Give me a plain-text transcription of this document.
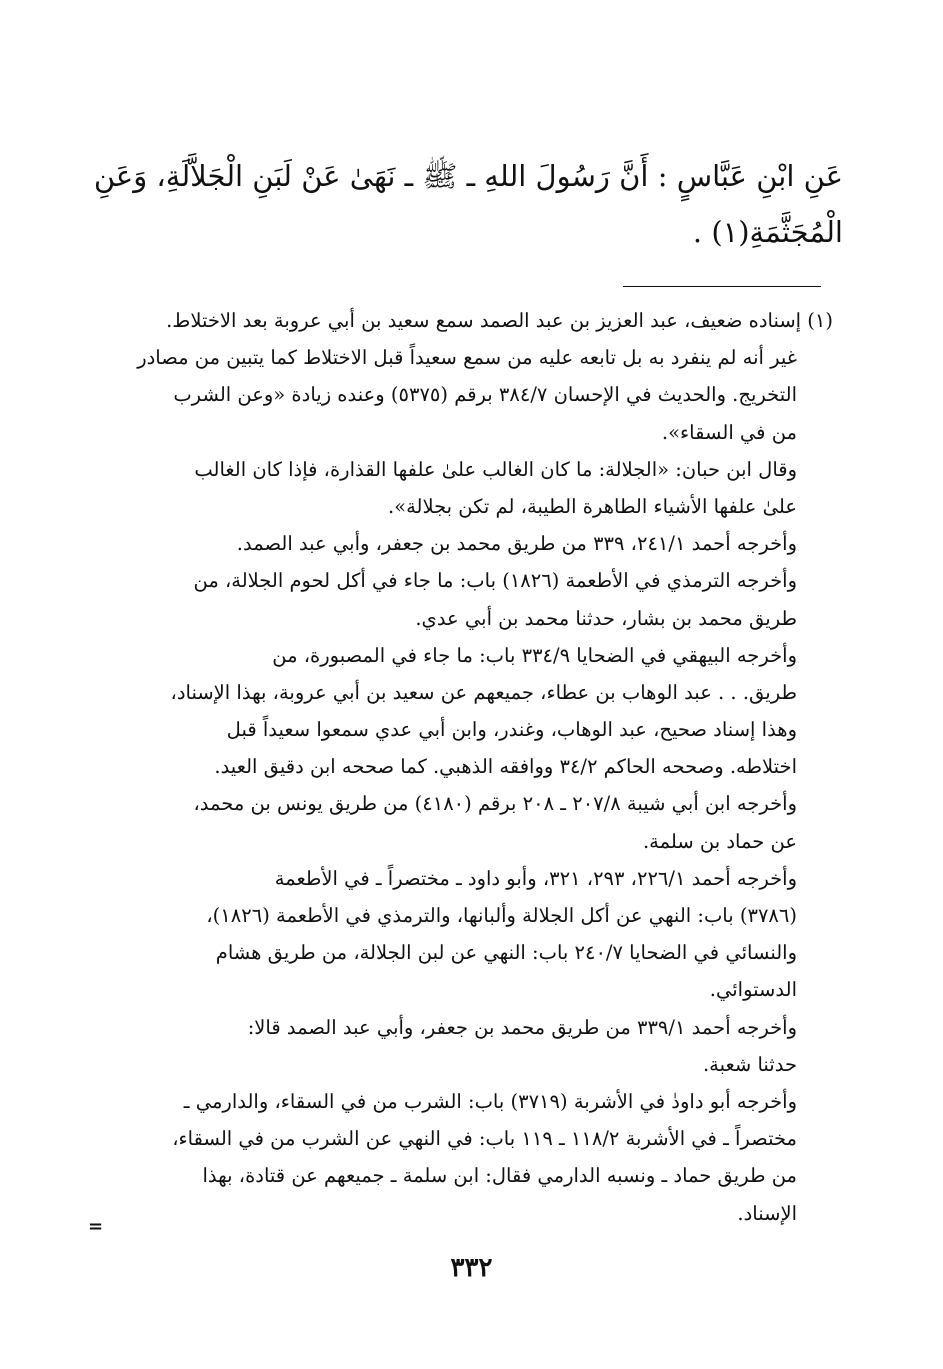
عَنِ ابْنِ عَبَّاسٍ : أَنَّ رَسُولَ اللهِ ـ ﷺ ـ نَهَىٰ عَنْ لَبَنِ الْجَلاَّلَةِ، وَعَنِ
الْمُجَثَّمَةِ(١) .
(١) إسناده ضعيف، عبد العزيز بن عبد الصمد سمع سعيد بن أبي عروبة بعد الاختلاط.
غير أنه لم ينفرد به بل تابعه عليه من سمع سعيداً قبل الاختلاط كما يتبين من مصادر
التخريج. والحديث في الإحسان ٣٨٤/٧ برقم (٥٣٧٥) وعنده زيادة «وعن الشرب
من في السقاء».
وقال ابن حبان: «الجلالة: ما كان الغالب علىٰ علفها القذارة، فإذا كان الغالب
علىٰ علفها الأشياء الطاهرة الطيبة، لم تكن بجلالة».
وأخرجه أحمد ٢٤١/١، ٣٣٩ من طريق محمد بن جعفر، وأبي عبد الصمد.
وأخرجه الترمذي في الأطعمة (١٨٢٦) باب: ما جاء في أكل لحوم الجلالة، من
طريق محمد بن بشار، حدثنا محمد بن أبي عدي.
وأخرجه البيهقي في الضحايا ٣٣٤/٩ باب: ما جاء في المصبورة، من
طريق. . . عبد الوهاب بن عطاء، جميعهم عن سعيد بن أبي عروبة، بهذا الإسناد،
وهذا إسناد صحيح، عبد الوهاب، وغندر، وابن أبي عدي سمعوا سعيداً قبل
اختلاطه. وصححه الحاكم ٣٤/٢ ووافقه الذهبي. كما صححه ابن دقيق العيد.
وأخرجه ابن أبي شيبة ٢٠٧/٨ ـ ٢٠٨ برقم (٤١٨٠) من طريق يونس بن محمد،
عن حماد بن سلمة.
وأخرجه أحمد ٢٢٦/١، ٢٩٣، ٣٢١، وأبو داود ـ مختصراً ـ في الأطعمة
(٣٧٨٦) باب: النهي عن أكل الجلالة وألبانها، والترمذي في الأطعمة (١٨٢٦)،
والنسائي في الضحايا ٢٤٠/٧ باب: النهي عن لبن الجلالة، من طريق هشام
الدستوائي.
وأخرجه أحمد ٣٣٩/١ من طريق محمد بن جعفر، وأبي عبد الصمد قالا:
حدثنا شعبة.
وأخرجه أبو داودٰ في الأشربة (٣٧١٩) باب: الشرب من في السقاء، والدارمي ـ
مختصراً ـ في الأشربة ١١٨/٢ ـ ١١٩ باب: في النهي عن الشرب من في السقاء،
من طريق حماد ـ ونسبه الدارمي فقال: ابن سلمة ـ جميعهم عن قتادة، بهذا
الإسناد.
=
٣٣٢
